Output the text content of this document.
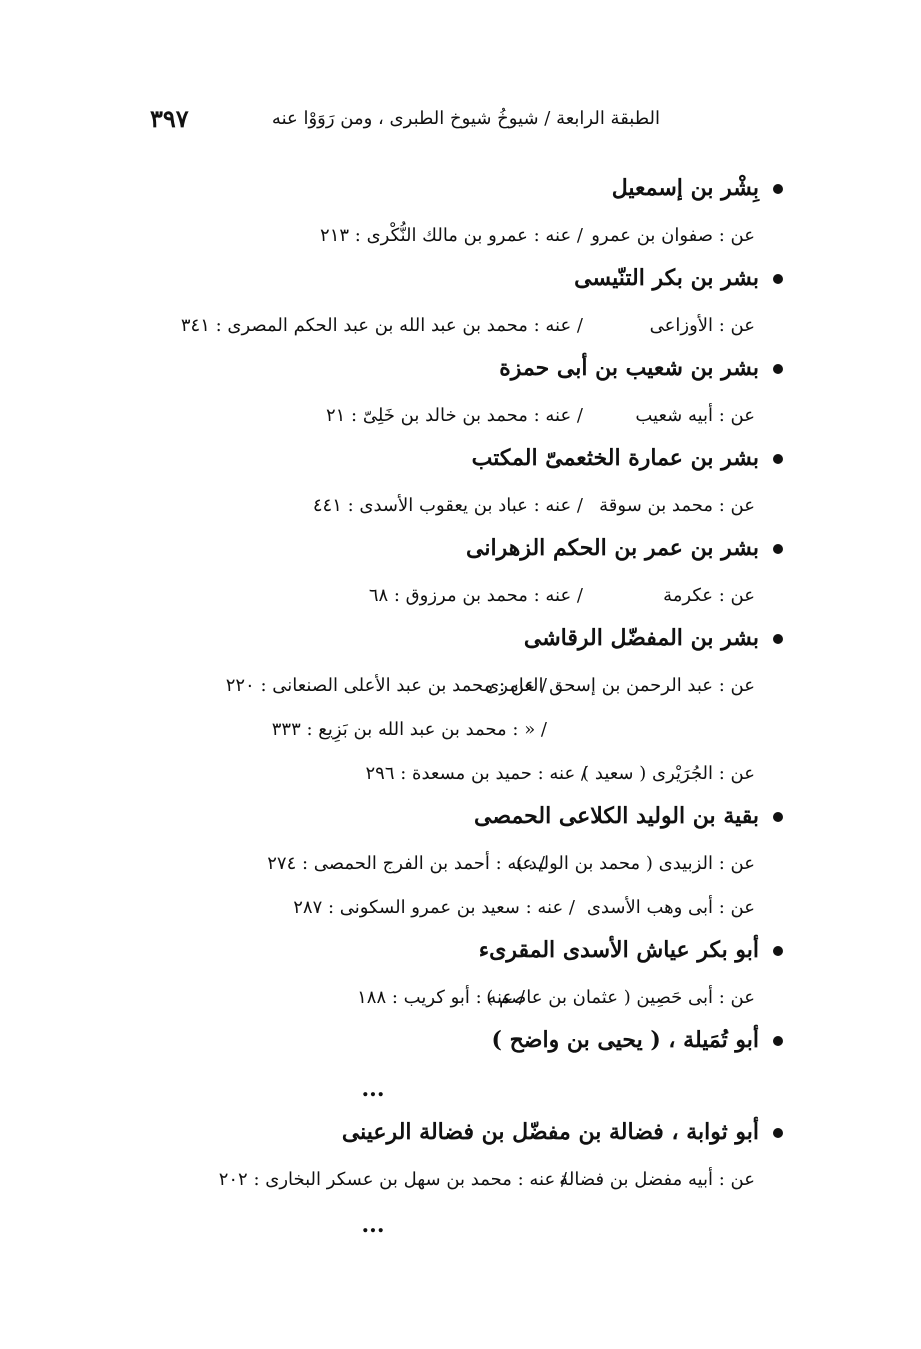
٣٩٧	الطبقة الرابعة / شيوخُ شيوخ الطبرى ، ومن رَوَوْا عنه
بِشْر بن إسمعيل
عن : صفوان بن عمرو
/ عنه : عمرو بن مالك النُّكْرى : ٢١٣
بشر بن بكر التنّيسى
عن : الأوزاعى
/ عنه : محمد بن عبد الله بن عبد الحكم المصرى : ٣٤١
بشر بن شعيب بن أبى حمزة
عن : أبيه شعيب
/ عنه : محمد بن خالد بن خَلِىّ : ٢١
بشر بن عمارة الخثعمىّ المكتب
عن : محمد بن سوقة
/ عنه : عباد بن يعقوب الأسدى : ٤٤١
بشر بن عمر بن الحكم الزهرانى
عن : عكرمة
/ عنه : محمد بن مرزوق : ٦٨
بشر بن المفضّل الرقاشى
عن : عبد الرحمن بن إسحق العامرى
/ عن : محمد بن عبد الأعلى الصنعانى : ٢٢٠
/ « : محمد بن عبد الله بن بَزِيع : ٣٣٣
عن : الجُرَيْرى ( سعيد )
/ عنه : حميد بن مسعدة : ٢٩٦
بقية بن الوليد الكلاعى الحمصى
عن : الزبيدى ( محمد بن الوليد )
/ عنه : أحمد بن الفرج الحمصى : ٢٧٤
عن : أبى وهب الأسدى
/ عنه : سعيد بن عمرو السكونى : ٢٨٧
أبو بكر عياش الأسدى المقرىء
عن : أبى حَصِين ( عثمان بن عاصم )
/ عنه : أبو كريب : ١٨٨
أبو تُمَيلة ، ( يحيى بن واضح )
...
أبو ثوابة ، فضالة بن مفضّل بن فضالة الرعينى
عن : أبيه مفضل بن فضالة
/ عنه : محمد بن سهل بن عسكر البخارى : ٢٠٢
...
